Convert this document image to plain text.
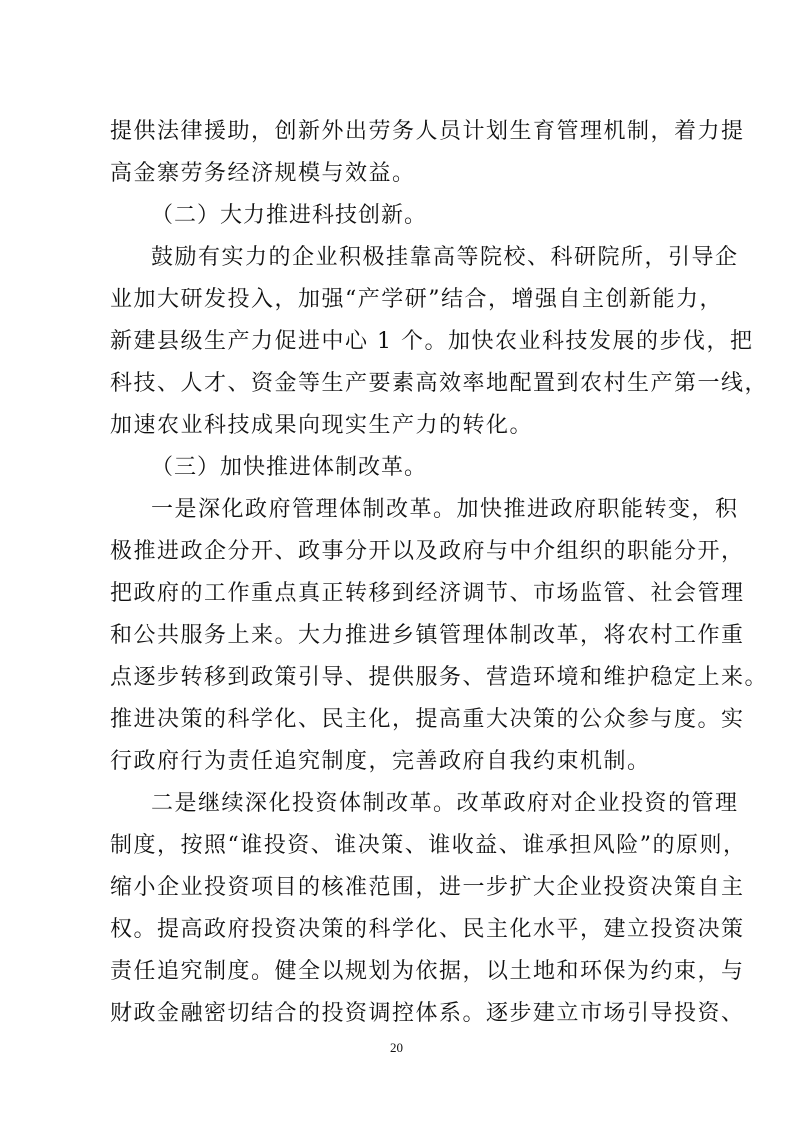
提供法律援助，创新外出劳务人员计划生育管理机制，着力提
高金寨劳务经济规模与效益。
（二）大力推进科技创新。
鼓励有实力的企业积极挂靠高等院校、科研院所，引导企
业加大研发投入，加强“产学研”结合，增强自主创新能力，
新建县级生产力促进中心 1 个。加快农业科技发展的步伐，把
科技、人才、资金等生产要素高效率地配置到农村生产第一线，
加速农业科技成果向现实生产力的转化。
（三）加快推进体制改革。
一是深化政府管理体制改革。加快推进政府职能转变，积
极推进政企分开、政事分开以及政府与中介组织的职能分开，
把政府的工作重点真正转移到经济调节、市场监管、社会管理
和公共服务上来。大力推进乡镇管理体制改革，将农村工作重
点逐步转移到政策引导、提供服务、营造环境和维护稳定上来。
推进决策的科学化、民主化，提高重大决策的公众参与度。实
行政府行为责任追究制度，完善政府自我约束机制。
二是继续深化投资体制改革。改革政府对企业投资的管理
制度，按照“谁投资、谁决策、谁收益、谁承担风险”的原则，
缩小企业投资项目的核准范围，进一步扩大企业投资决策自主
权。提高政府投资决策的科学化、民主化水平，建立投资决策
责任追究制度。健全以规划为依据，以土地和环保为约束，与
财政金融密切结合的投资调控体系。逐步建立市场引导投资、
20
